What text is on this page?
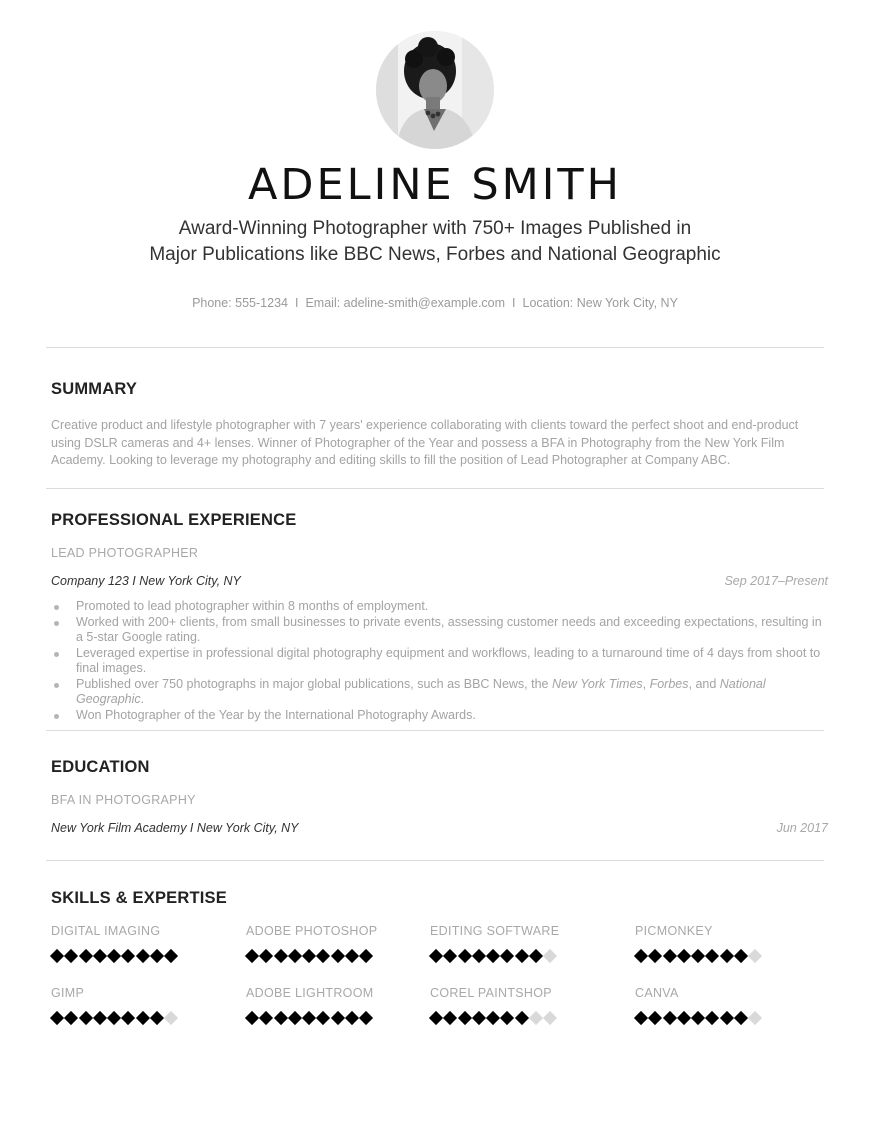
ADELINE SMITH
Award-Winning Photographer with 750+ Images Published in
Major Publications like BBC News, Forbes and National Geographic
Phone: 555-1234 I Email: adeline-smith@example.com I Location: New York City, NY
SUMMARY

Creative product and lifestyle photographer with 7 years' experience collaborating with clients toward the perfect shoot and end-product using DSLR cameras and 4+ lenses. Winner of Photographer of the Year and possess a BFA in Photography from the New York Film Academy. Looking to leverage my photography and editing skills to fill the position of Lead Photographer at Company ABC.

PROFESSIONAL EXPERIENCE
LEAD PHOTOGRAPHER
Company 123 I New York City, NY	Sep 2017–Present
Promoted to lead photographer within 8 months of employment.
Worked with 200+ clients, from small businesses to private events, assessing customer needs and exceeding expectations, resulting in a 5-star Google rating.
Leveraged expertise in professional digital photography equipment and workflows, leading to a turnaround time of 4 days from shoot to final images.
Published over 750 photographs in major global publications, such as BBC News, the New York Times, Forbes, and National Geographic.
Won Photographer of the Year by the International Photography Awards.
EDUCATION
BFA IN PHOTOGRAPHY
New York Film Academy I New York City, NY	Jun 2017
SKILLS & EXPERTISE
DIGITAL IMAGING	ADOBE PHOTOSHOP	EDITING SOFTWARE	PICMONKEY
GIMP	ADOBE LIGHTROOM	COREL PAINTSHOP	CANVA
